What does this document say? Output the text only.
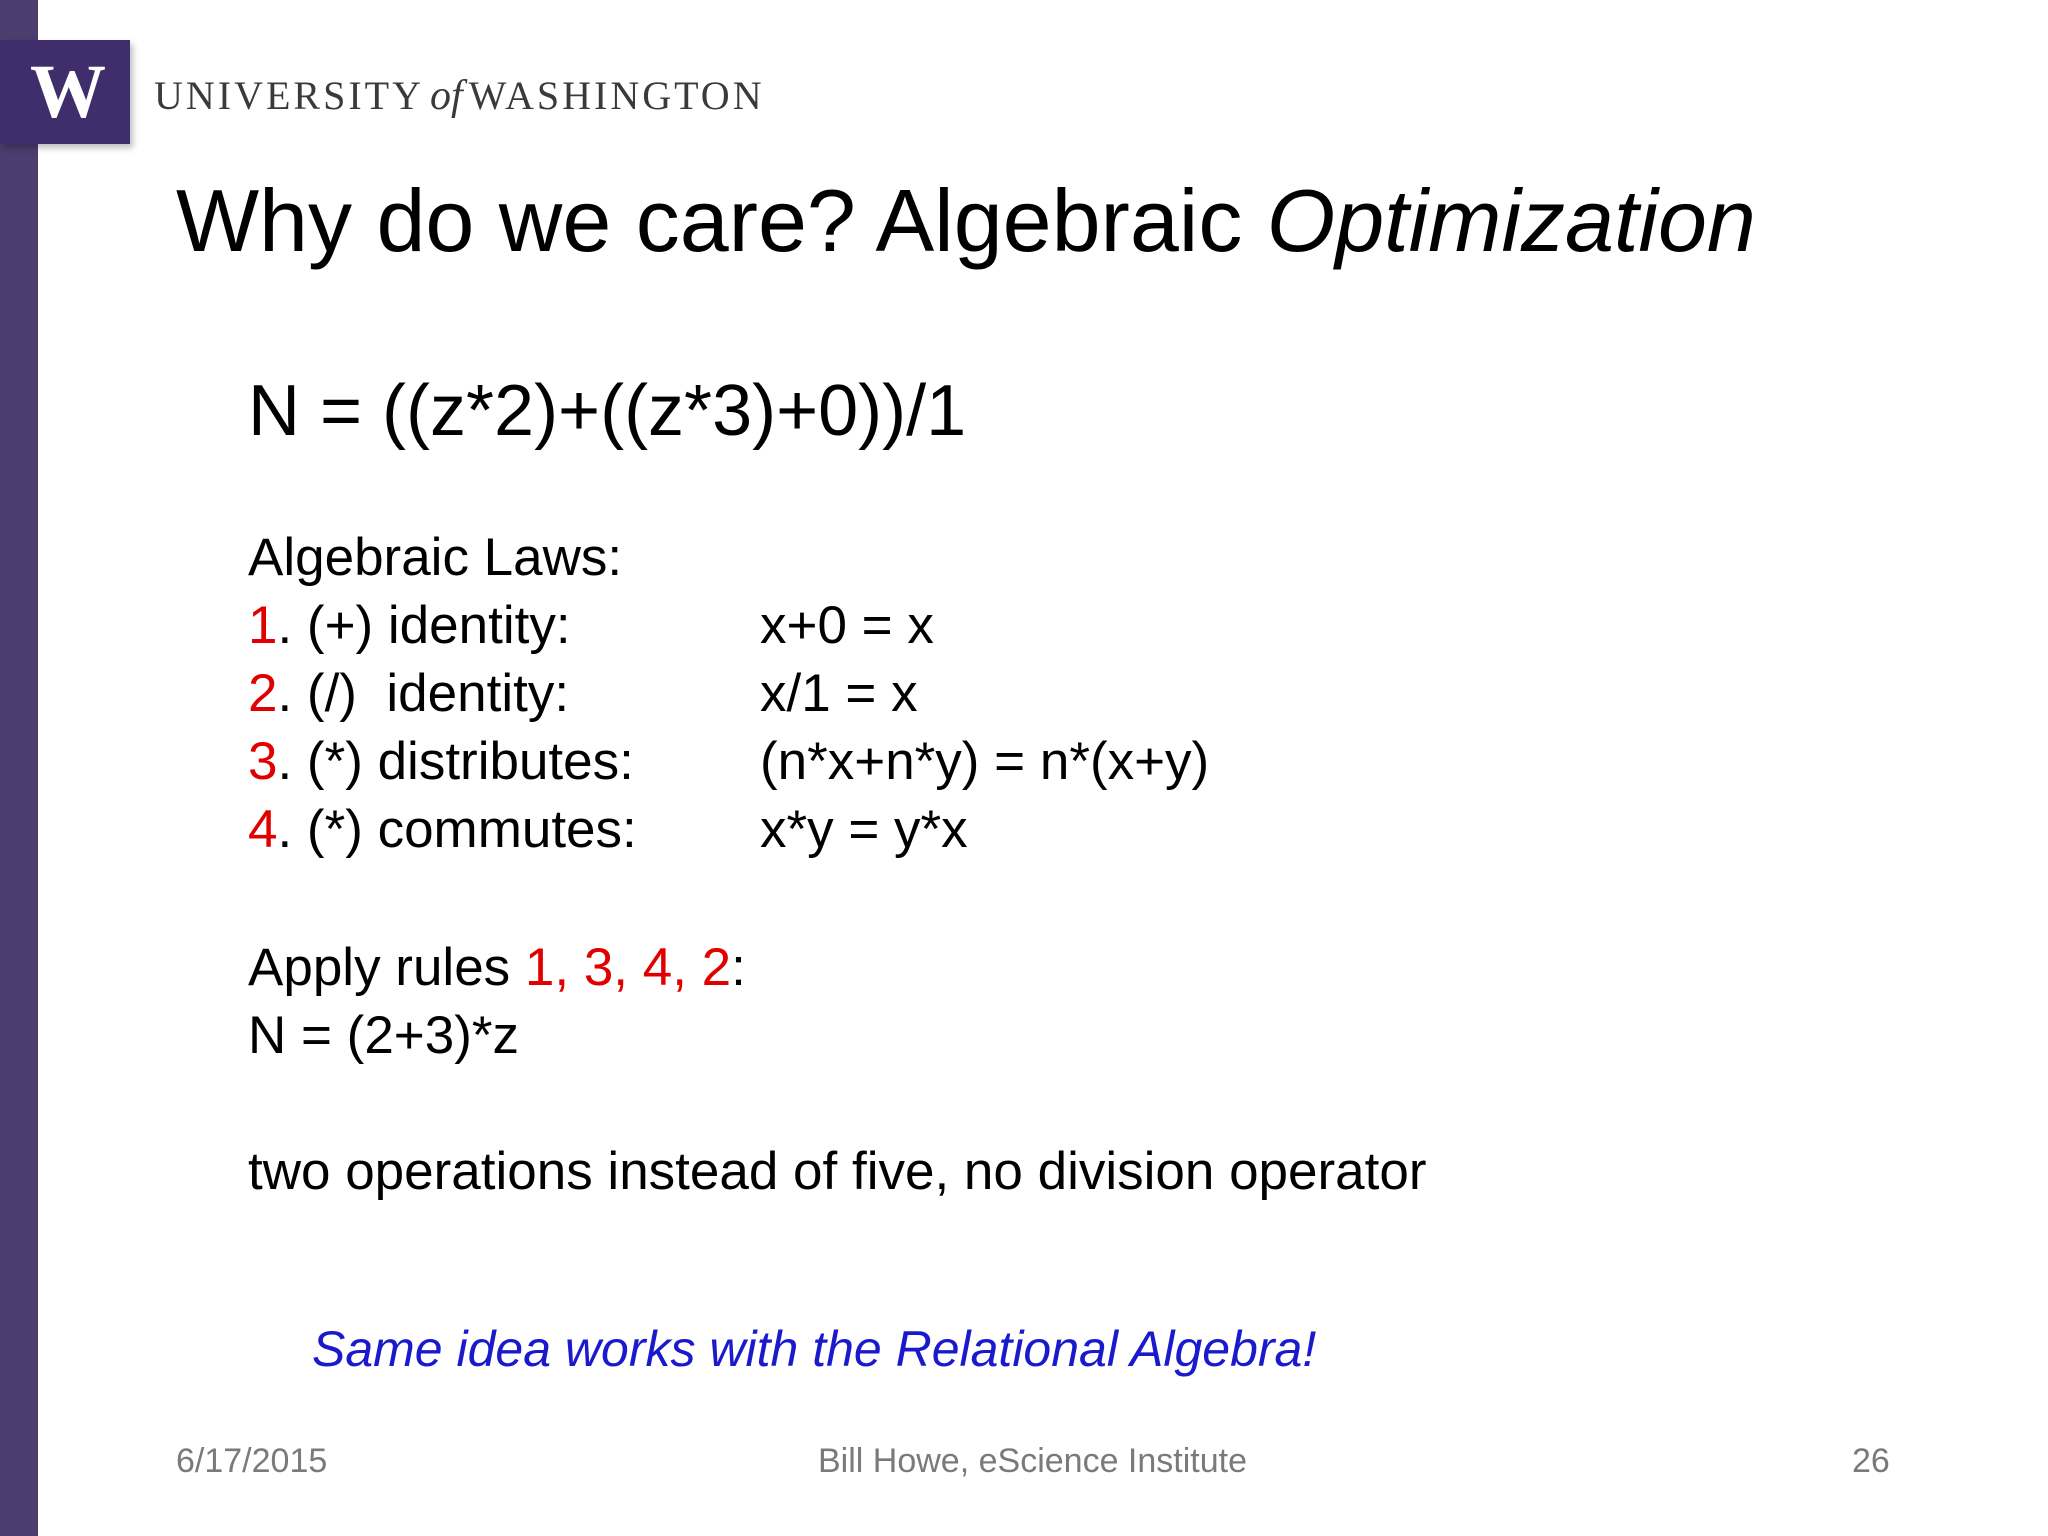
W UNIVERSITY of WASHINGTON
Why do we care? Algebraic Optimization
N = ((z*2)+((z*3)+0))/1
Algebraic Laws:
1. (+) identity:	x+0 = x
2. (/)  identity:	x/1 = x
3. (*) distributes: (n*x+n*y) = n*(x+y)
4. (*) commutes: x*y = y*x
Apply rules 1, 3, 4, 2:
N = (2+3)*z
two operations instead of five, no division operator
Same idea works with the Relational Algebra!
6/17/2015	Bill Howe, eScience Institute	26
